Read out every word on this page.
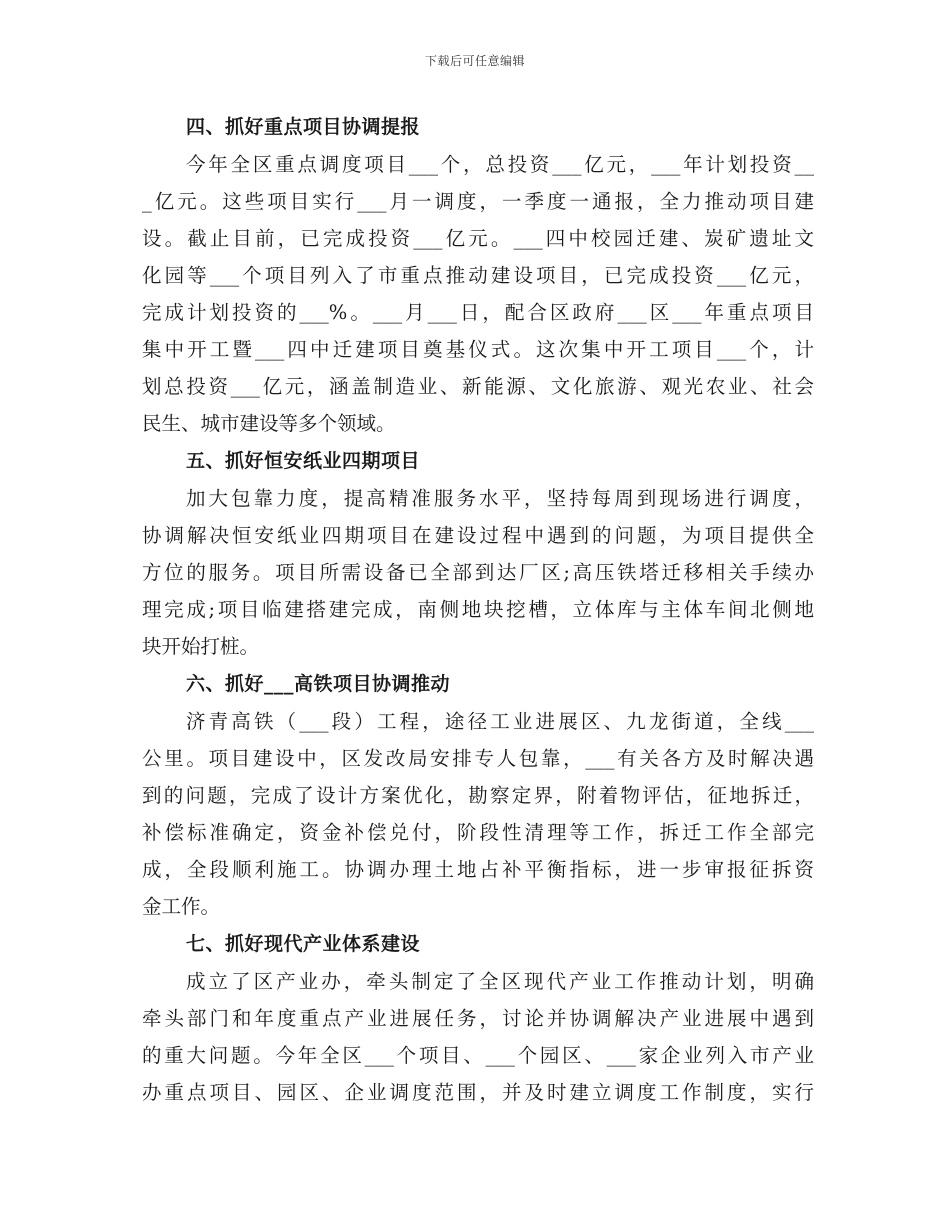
下载后可任意编辑
四、抓好重点项目协调提报
今年全区重点调度项目___个，总投资___亿元，___年计划投资__
_亿元。这些项目实行___月一调度，一季度一通报，全力推动项目建
设。截止目前，已完成投资___亿元。___四中校园迁建、炭矿遗址文
化园等___个项目列入了市重点推动建设项目，已完成投资___亿元，
完成计划投资的___%。___月___日，配合区政府___区___年重点项目
集中开工暨___四中迁建项目奠基仪式。这次集中开工项目___个，计
划总投资___亿元，涵盖制造业、新能源、文化旅游、观光农业、社会
民生、城市建设等多个领域。
五、抓好恒安纸业四期项目
加大包靠力度，提高精准服务水平，坚持每周到现场进行调度，
协调解决恒安纸业四期项目在建设过程中遇到的问题，为项目提供全
方位的服务。项目所需设备已全部到达厂区;高压铁塔迁移相关手续办
理完成;项目临建搭建完成，南侧地块挖槽，立体库与主体车间北侧地
块开始打桩。
六、抓好___高铁项目协调推动
济青高铁（___段）工程，途径工业进展区、九龙街道，全线___
公里。项目建设中，区发改局安排专人包靠，___有关各方及时解决遇
到的问题，完成了设计方案优化，勘察定界，附着物评估，征地拆迁，
补偿标准确定，资金补偿兑付，阶段性清理等工作，拆迁工作全部完
成，全段顺利施工。协调办理土地占补平衡指标，进一步审报征拆资
金工作。
七、抓好现代产业体系建设
成立了区产业办，牵头制定了全区现代产业工作推动计划，明确
牵头部门和年度重点产业进展任务，讨论并协调解决产业进展中遇到
的重大问题。今年全区___个项目、___个园区、___家企业列入市产业
办重点项目、园区、企业调度范围，并及时建立调度工作制度，实行
